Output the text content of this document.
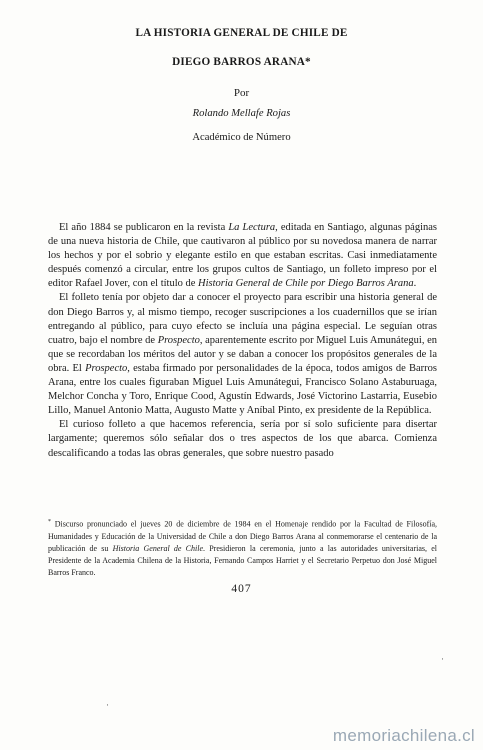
LA HISTORIA GENERAL DE CHILE DE
DIEGO BARROS ARANA*
Por
Rolando Mellafe Rojas
Académico de Número

El año 1884 se publicaron en la revista La Lectura, editada en Santiago, algunas páginas de una nueva historia de Chile, que cautivaron al público por su novedosa manera de narrar los hechos y por el sobrio y elegante estilo en que estaban escritas. Casi inmediatamente después comenzó a circular, entre los grupos cultos de Santiago, un folleto impreso por el editor Rafael Jover, con el título de Historia General de Chile por Diego Barros Arana.

El folleto tenía por objeto dar a conocer el proyecto para escribir una historia general de don Diego Barros y, al mismo tiempo, recoger suscripciones a los cuadernillos que se irían entregando al público, para cuyo efecto se incluía una página especial. Le seguían otras cuatro, bajo el nombre de Prospecto, aparentemente escrito por Miguel Luis Amunátegui, en que se recordaban los méritos del autor y se daban a conocer los propósitos generales de la obra. El Prospecto, estaba firmado por personalidades de la época, todos amigos de Barros Arana, entre los cuales figuraban Miguel Luis Amunátegui, Francisco Solano Astaburuaga, Melchor Concha y Toro, Enrique Cood, Agustín Edwards, José Victorino Lastarria, Eusebio Lillo, Manuel Antonio Matta, Augusto Matte y Aníbal Pinto, ex presidente de la República.

El curioso folleto a que hacemos referencia, sería por sí solo suficiente para disertar largamente; queremos sólo señalar dos o tres aspectos de los que abarca. Comienza descalificando a todas las obras generales, que sobre nuestro pasado

* Discurso pronunciado el jueves 20 de diciembre de 1984 en el Homenaje rendido por la Facultad de Filosofía, Humanidades y Educación de la Universidad de Chile a don Diego Barros Arana al conmemorarse el centenario de la publicación de su Historia General de Chile. Presidieron la ceremonia, junto a las autoridades universitarias, el Presidente de la Academia Chilena de la Historia, Fernando Campos Harriet y el Secretario Perpetuo don José Miguel Barros Franco.
407
·
·
memoriachilena.cl
